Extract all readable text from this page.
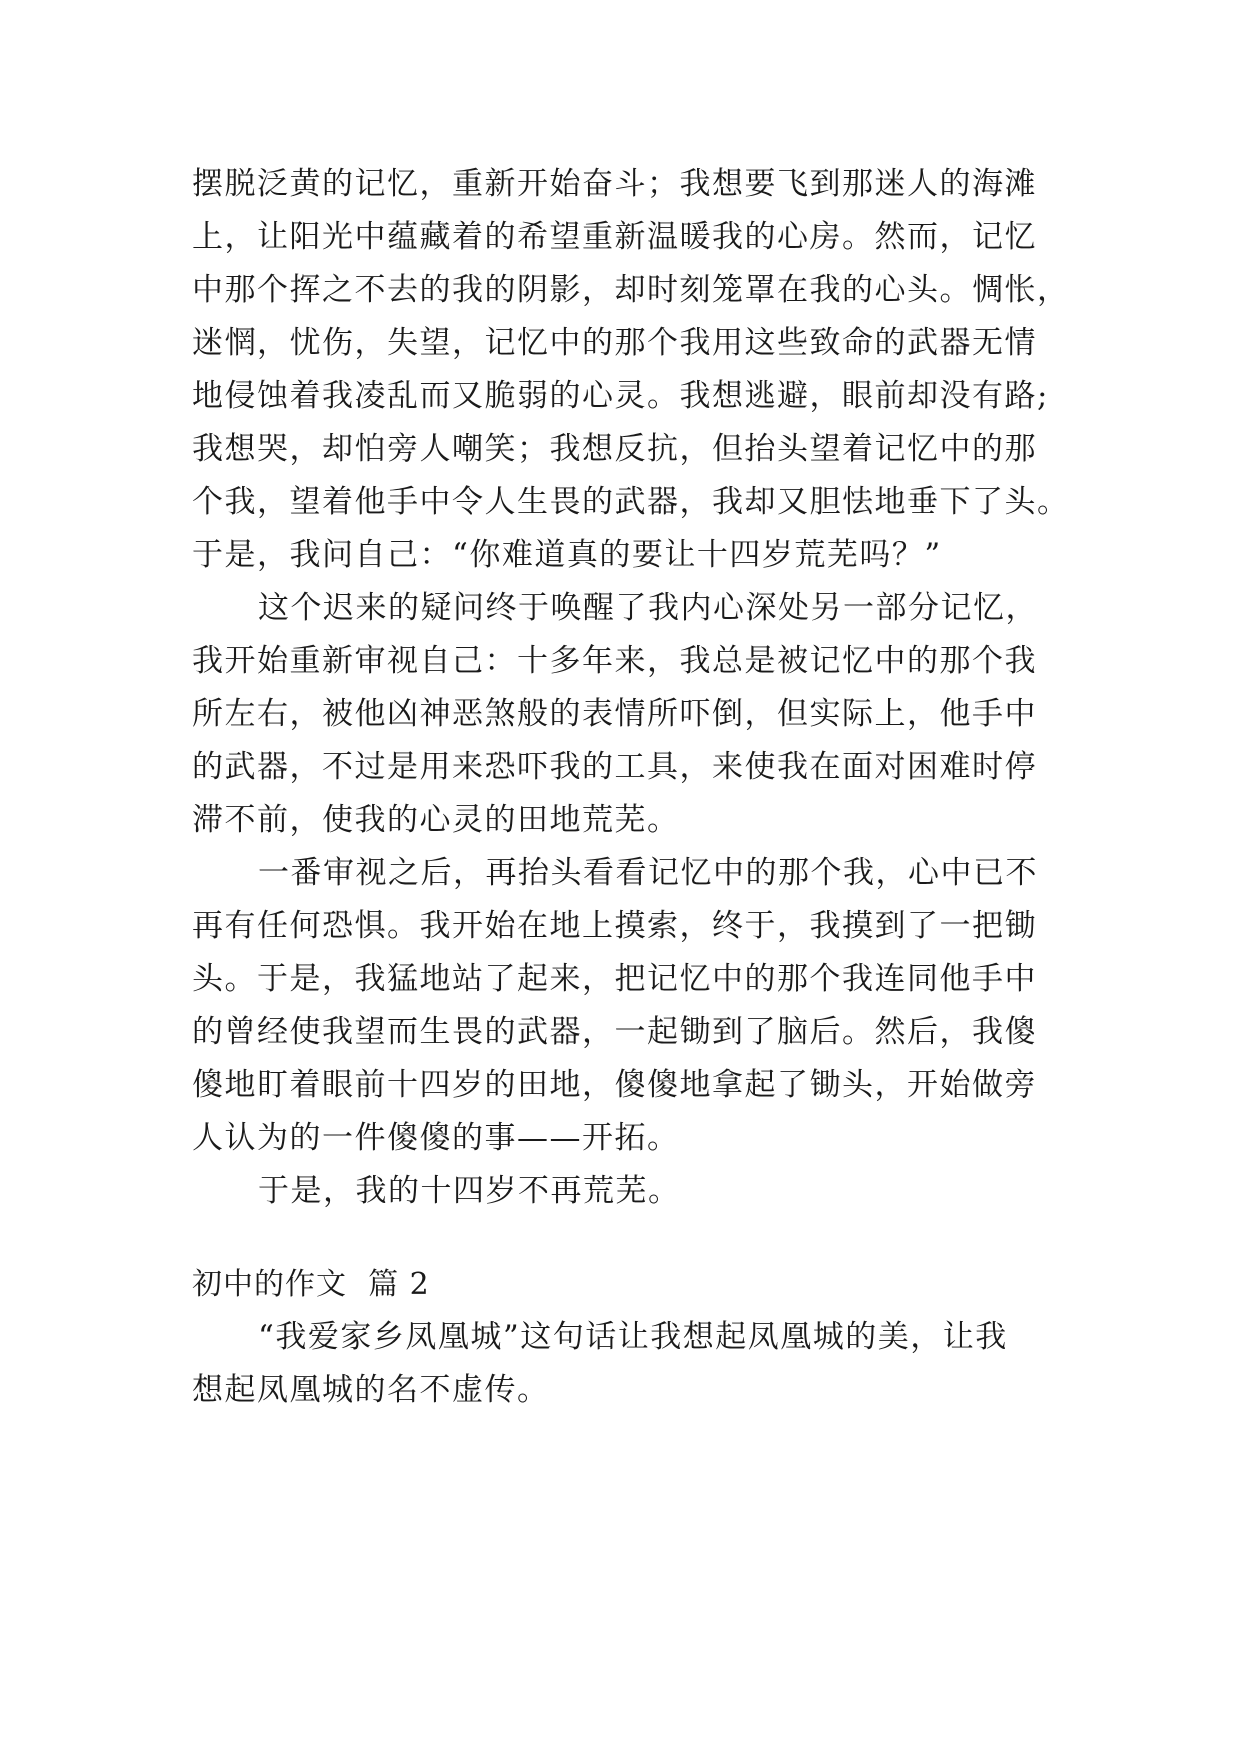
摆脱泛黄的记忆，重新开始奋斗；我想要飞到那迷人的海滩
上，让阳光中蕴藏着的希望重新温暖我的心房。然而，记忆
中那个挥之不去的我的阴影，却时刻笼罩在我的心头。惆怅，
迷惘，忧伤，失望，记忆中的那个我用这些致命的武器无情
地侵蚀着我凌乱而又脆弱的心灵。我想逃避，眼前却没有路;
我想哭，却怕旁人嘲笑；我想反抗，但抬头望着记忆中的那
个我，望着他手中令人生畏的武器，我却又胆怯地垂下了头。
于是，我问自己：“你难道真的要让十四岁荒芜吗？”
这个迟来的疑问终于唤醒了我内心深处另一部分记忆，
我开始重新审视自己：十多年来，我总是被记忆中的那个我
所左右，被他凶神恶煞般的表情所吓倒，但实际上，他手中
的武器，不过是用来恐吓我的工具，来使我在面对困难时停
滞不前，使我的心灵的田地荒芜。
一番审视之后，再抬头看看记忆中的那个我，心中已不
再有任何恐惧。我开始在地上摸索，终于，我摸到了一把锄
头。于是，我猛地站了起来，把记忆中的那个我连同他手中
的曾经使我望而生畏的武器，一起锄到了脑后。然后，我傻
傻地盯着眼前十四岁的田地，傻傻地拿起了锄头，开始做旁
人认为的一件傻傻的事——开拓。
于是，我的十四岁不再荒芜。
初中的作文  篇 2
“我爱家乡凤凰城”这句话让我想起凤凰城的美，让我
想起凤凰城的名不虚传。
